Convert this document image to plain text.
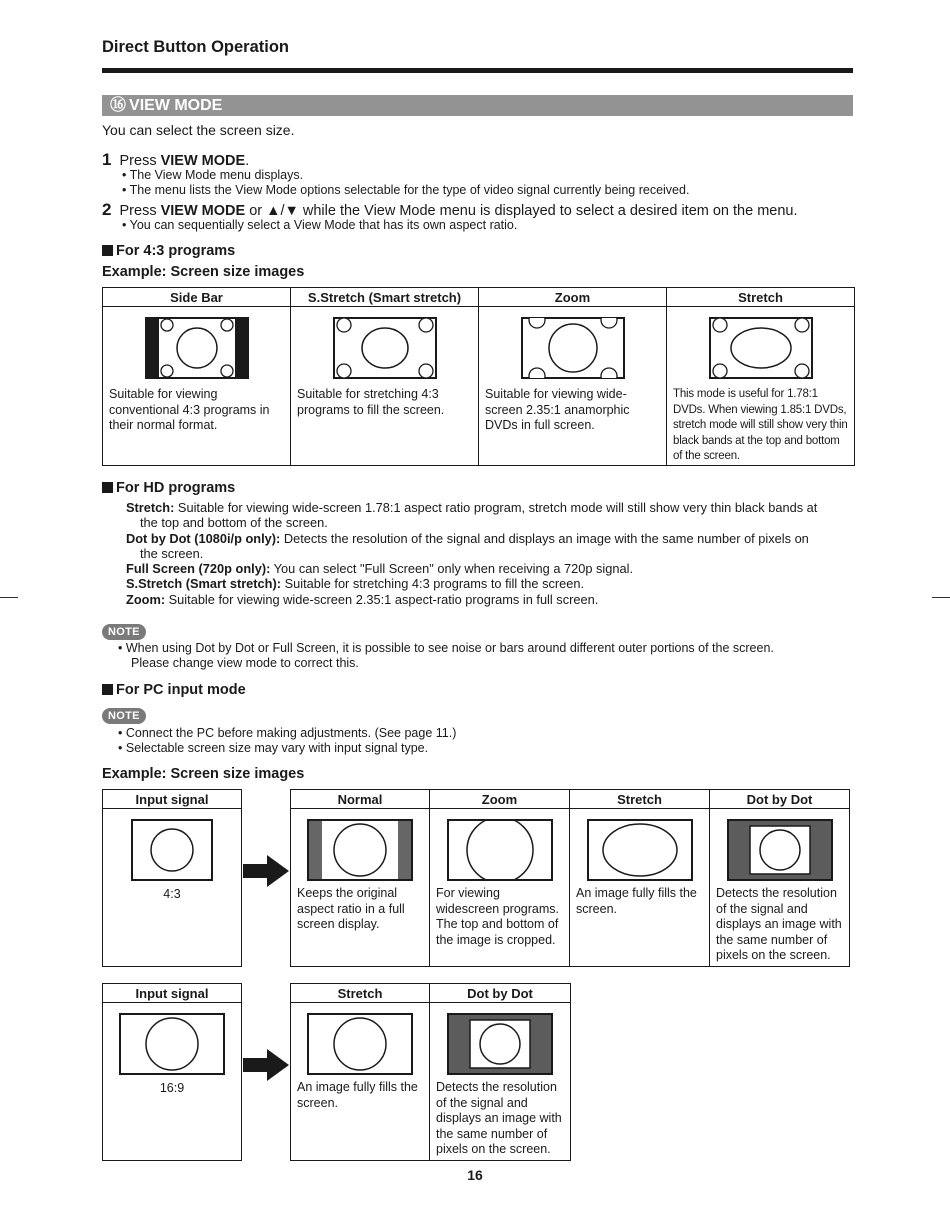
Direct Button Operation
⑯ VIEW MODE
You can select the screen size.
1 Press VIEW MODE.
• The View Mode menu displays.
• The menu lists the View Mode options selectable for the type of video signal currently being received.
2 Press VIEW MODE or ▲/▼ while the View Mode menu is displayed to select a desired item on the menu.
• You can sequentially select a View Mode that has its own aspect ratio.
For 4:3 programs
Example: Screen size images
Side Bar	S.Stretch (Smart stretch)	Zoom	Stretch

Suitable for viewing conventional 4:3 programs in their normal format.	Suitable for stretching 4:3 programs to fill the screen.	Suitable for viewing wide-screen 2.35:1 anamorphic DVDs in full screen.	This mode is useful for 1.78:1 DVDs. When viewing 1.85:1 DVDs, stretch mode will still show very thin black bands at the top and bottom of the screen.
For HD programs
Stretch: Suitable for viewing wide-screen 1.78:1 aspect ratio program, stretch mode will still show very thin black bands at
the top and bottom of the screen.
Dot by Dot (1080i/p only): Detects the resolution of the signal and displays an image with the same number of pixels on
the screen.
Full Screen (720p only): You can select "Full Screen" only when receiving a 720p signal.
S.Stretch (Smart stretch): Suitable for stretching 4:3 programs to fill the screen.
Zoom: Suitable for viewing wide-screen 2.35:1 aspect-ratio programs in full screen.
NOTE
• When using Dot by Dot or Full Screen, it is possible to see noise or bars around different outer portions of the screen.
Please change view mode to correct this.
For PC input mode
NOTE
• Connect the PC before making adjustments. (See page 11.)
• Selectable screen size may vary with input signal type.
Example: Screen size images
Input signal

4:3
Normal	Zoom	Stretch	Dot by Dot

Keeps the original aspect ratio in a full screen display.	For viewing widescreen programs. The top and bottom of the image is cropped.	An image fully fills the screen.	Detects the resolution of the signal and displays an image with the same number of pixels on the screen.
Input signal

16:9
Stretch	Dot by Dot

An image fully fills the screen.	Detects the resolution of the signal and displays an image with the same number of pixels on the screen.
16
